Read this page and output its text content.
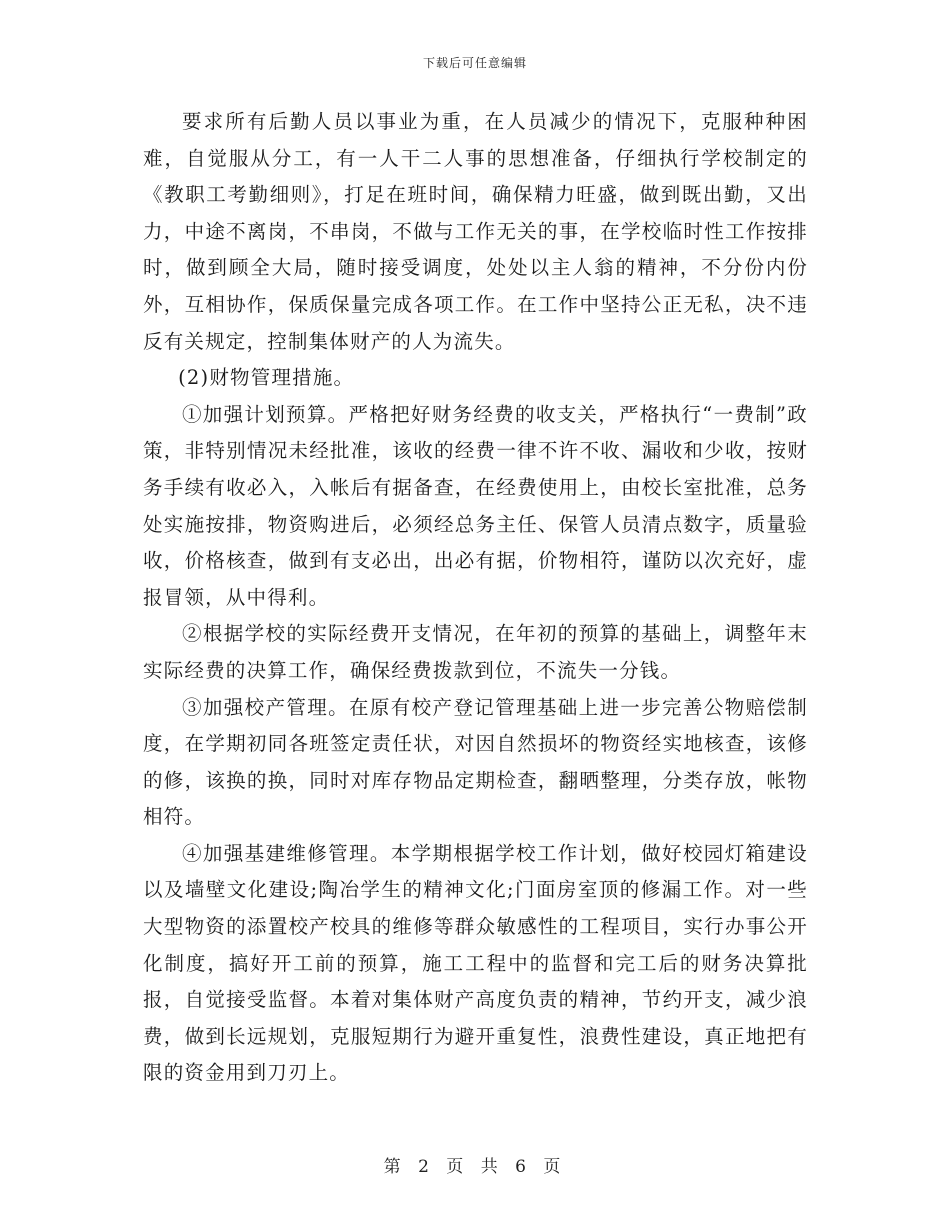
下载后可任意编辑

要求所有后勤人员以事业为重，在人员减少的情况下，克服种种困难，自觉服从分工，有一人干二人事的思想准备，仔细执行学校制定的《教职工考勤细则》，打足在班时间，确保精力旺盛，做到既出勤，又出力，中途不离岗，不串岗，不做与工作无关的事，在学校临时性工作按排时，做到顾全大局，随时接受调度，处处以主人翁的精神，不分份内份外，互相协作，保质保量完成各项工作。在工作中坚持公正无私，决不违反有关规定，控制集体财产的人为流失。

(2)财物管理措施。

①加强计划预算。严格把好财务经费的收支关，严格执行“一费制”政策，非特别情况未经批准，该收的经费一律不许不收、漏收和少收，按财务手续有收必入，入帐后有据备查，在经费使用上，由校长室批准，总务处实施按排，物资购进后，必须经总务主任、保管人员清点数字，质量验收，价格核查，做到有支必出，出必有据，价物相符，谨防以次充好，虚报冒领，从中得利。

②根据学校的实际经费开支情况，在年初的预算的基础上，调整年末实际经费的决算工作，确保经费拨款到位，不流失一分钱。

③加强校产管理。在原有校产登记管理基础上进一步完善公物赔偿制度，在学期初同各班签定责任状，对因自然损坏的物资经实地核查，该修的修，该换的换，同时对库存物品定期检查，翻晒整理，分类存放，帐物相符。

④加强基建维修管理。本学期根据学校工作计划，做好校园灯箱建设以及墙壁文化建设;陶冶学生的精神文化;门面房室顶的修漏工作。对一些大型物资的添置校产校具的维修等群众敏感性的工程项目，实行办事公开化制度，搞好开工前的预算，施工工程中的监督和完工后的财务决算批报，自觉接受监督。本着对集体财产高度负责的精神，节约开支，减少浪费，做到长远规划，克服短期行为避开重复性，浪费性建设，真正地把有限的资金用到刀刃上。

第 2 页 共 6 页
